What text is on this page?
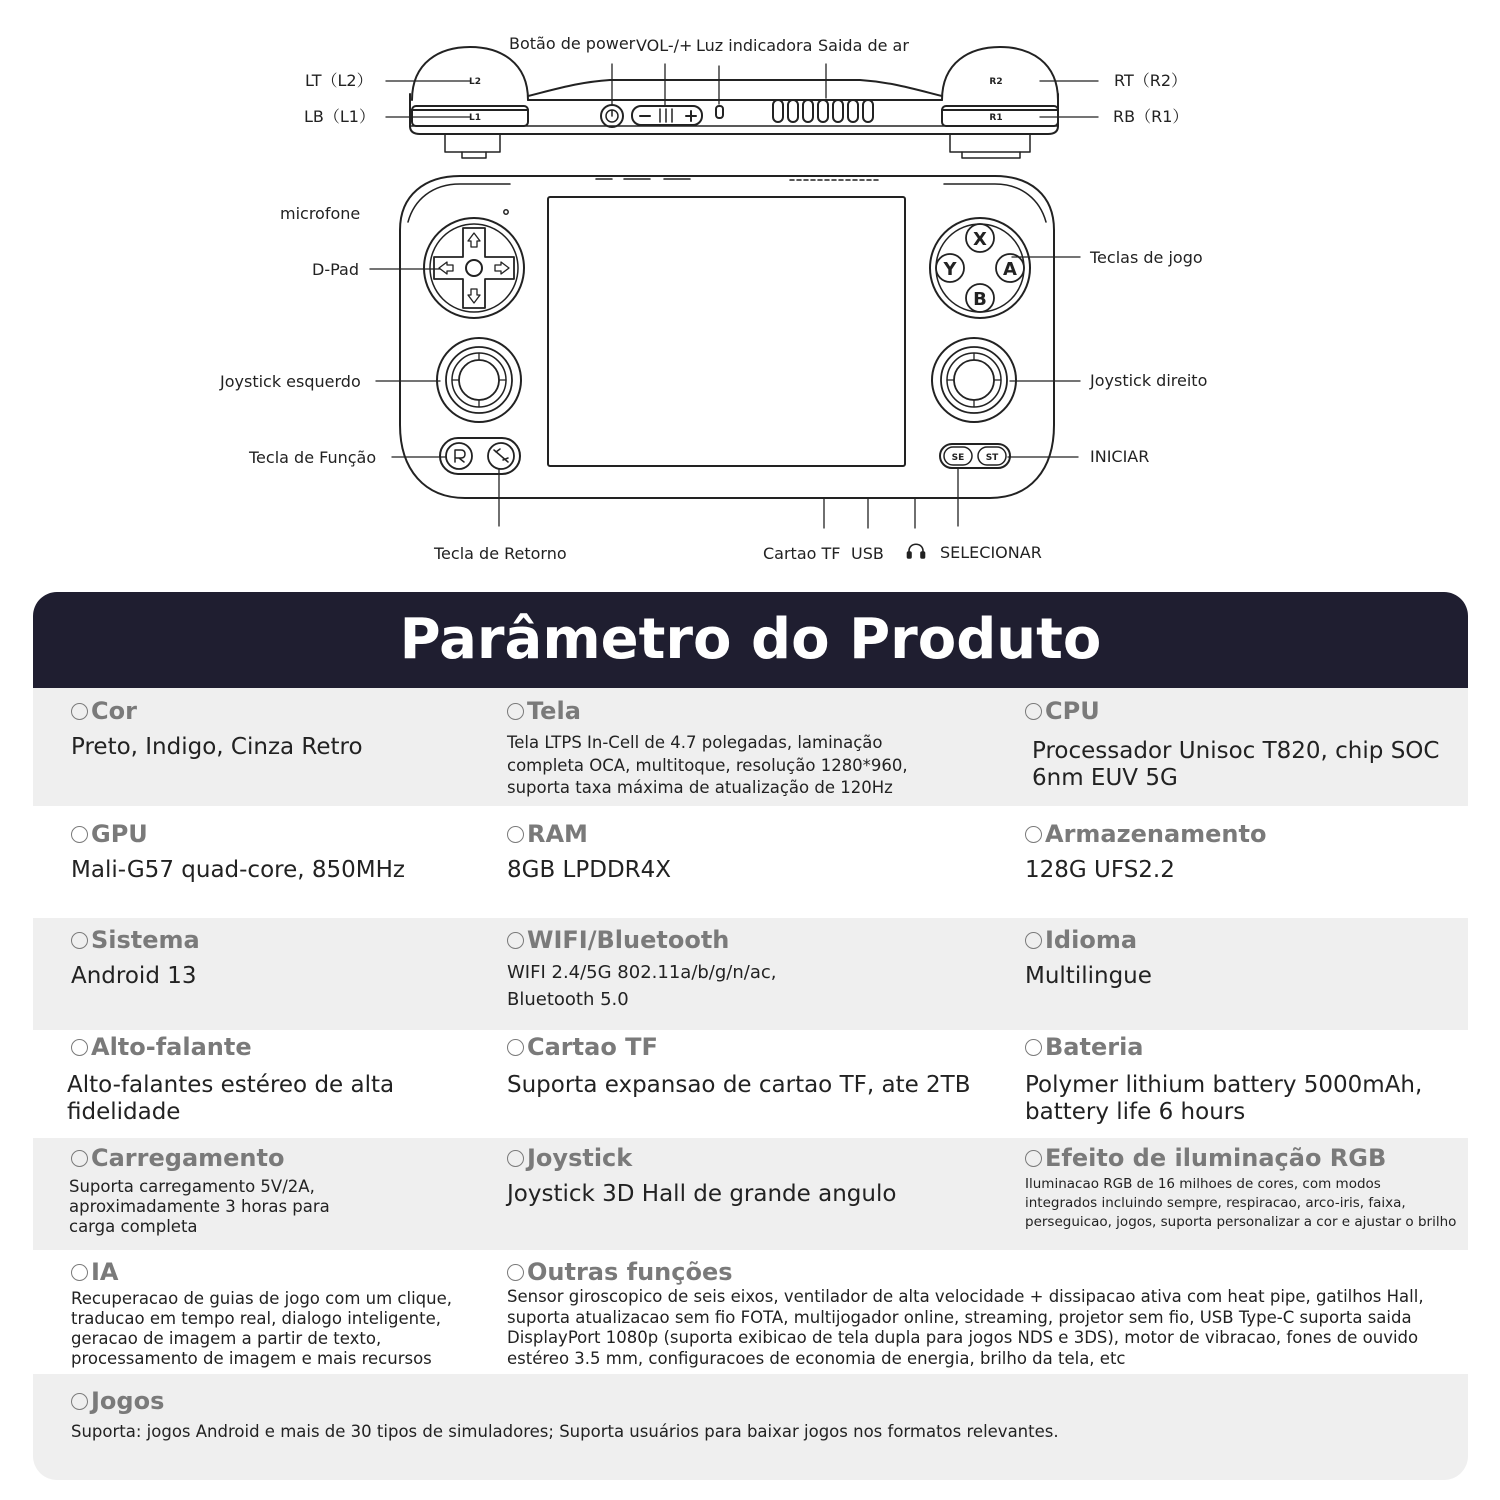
L2
L1
R2
R1
X
B
Y	A
SE ST
Botão de power VOL-/+ Luz indicadora Saida de ar
LT（L2）
LB（L1）
RT（R2）
RB（R1）
microfone
D-Pad
Joystick esquerdo
Tecla de Função
Tecla de Retorno
Teclas de jogo
Joystick direito
INICIAR
SELECIONAR
Cartao TF USB
Parâmetro do Produto
Cor
Preto, Indigo, Cinza Retro
Tela
Tela LTPS In-Cell de 4.7 polegadas, laminação
completa OCA, multitoque, resolução 1280*960,
suporta taxa máxima de atualização de 120Hz
CPU
Processador Unisoc T820, chip SOC
6nm EUV 5G
GPU
Mali-G57 quad-core, 850MHz
RAM
8GB LPDDR4X
Armazenamento
128G UFS2.2
Sistema
Android 13
WIFI/Bluetooth
WIFI 2.4/5G 802.11a/b/g/n/ac,
Bluetooth 5.0
Idioma
Multilingue
Alto-falante
Alto-falantes estéreo de alta
fidelidade
Cartao TF
Suporta expansao de cartao TF, ate 2TB
Bateria
Polymer lithium battery 5000mAh,
battery life 6 hours
Carregamento
Suporta carregamento 5V/2A,
aproximadamente 3 horas para
carga completa
Joystick
Joystick 3D Hall de grande angulo
Efeito de iluminação RGB
Iluminacao RGB de 16 milhoes de cores, com modos
integrados incluindo sempre, respiracao, arco-iris, faixa,
perseguicao, jogos, suporta personalizar a cor e ajustar o brilho
IA
Recuperacao de guias de jogo com um clique,
traducao em tempo real, dialogo inteligente,
geracao de imagem a partir de texto,
processamento de imagem e mais recursos
Outras funções
Sensor giroscopico de seis eixos, ventilador de alta velocidade + dissipacao ativa com heat pipe, gatilhos Hall,
suporta atualizacao sem fio FOTA, multijogador online, streaming, projetor sem fio, USB Type-C suporta saida
DisplayPort 1080p (suporta exibicao de tela dupla para jogos NDS e 3DS), motor de vibracao, fones de ouvido
estéreo 3.5 mm, configuracoes de economia de energia, brilho da tela, etc
Jogos
Suporta: jogos Android e mais de 30 tipos de simuladores; Suporta usuários para baixar jogos nos formatos relevantes.
